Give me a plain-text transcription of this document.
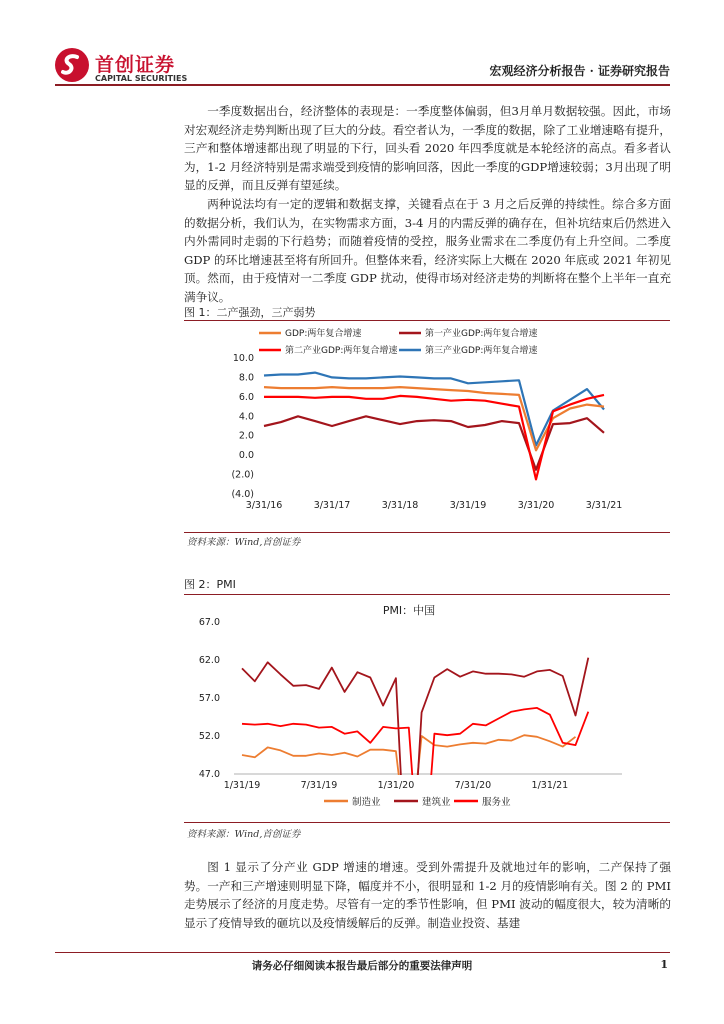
首创证券
CAPITAL SECURITIES
宏观经济分析报告 · 证券研究报告

一季度数据出台，经济整体的表现是：一季度整体偏弱，但3月单月数据较强。因此，市场对宏观经济走势判断出现了巨大的分歧。看空者认为，一季度的数据，除了工业增速略有提升，三产和整体增速都出现了明显的下行，回头看 2020 年四季度就是本轮经济的高点。看多者认为，1-2 月经济特别是需求端受到疫情的影响回落，因此一季度的GDP增速较弱；3月出现了明显的反弹，而且反弹有望延续。

两种说法均有一定的逻辑和数据支撑，关键看点在于 3 月之后反弹的持续性。综合多方面的数据分析，我们认为，在实物需求方面，3-4 月的内需反弹的确存在，但补坑结束后仍然进入内外需同时走弱的下行趋势；而随着疫情的受控，服务业需求在二季度仍有上升空间。二季度 GDP 的环比增速甚至将有所回升。但整体来看，经济实际上大概在 2020 年底或 2021 年初见顶。然而，由于疫情对一二季度 GDP 扰动，使得市场对经济走势的判断将在整个上半年一直充满争议。

图 1：二产强劲，三产弱势
GDP:两年复合增速	第一产业GDP:两年复合增速
第二产业GDP:两年复合增速	第三产业GDP:两年复合增速
10.0
8.0
6.0
4.0
2.0
0.0
(2.0)
(4.0)
3/31/16	3/31/17	3/31/18	3/31/19	3/31/20	3/31/21
资料来源：Wind,首创证券
图 2：PMI
PMI：中国
67.0
62.0
57.0
52.0
47.0
1/31/19	7/31/19	1/31/20	7/31/20	1/31/21
制造业	建筑业	服务业
资料来源：Wind,首创证券

图 1 显示了分产业 GDP 增速的增速。受到外需提升及就地过年的影响，二产保持了强势。一产和三产增速则明显下降，幅度并不小，很明显和 1-2 月的疫情影响有关。图 2 的 PMI 走势展示了经济的月度走势。尽管有一定的季节性影响，但 PMI 波动的幅度很大，较为清晰的显示了疫情导致的砸坑以及疫情缓解后的反弹。制造业投资、基建

请务必仔细阅读本报告最后部分的重要法律声明	1
